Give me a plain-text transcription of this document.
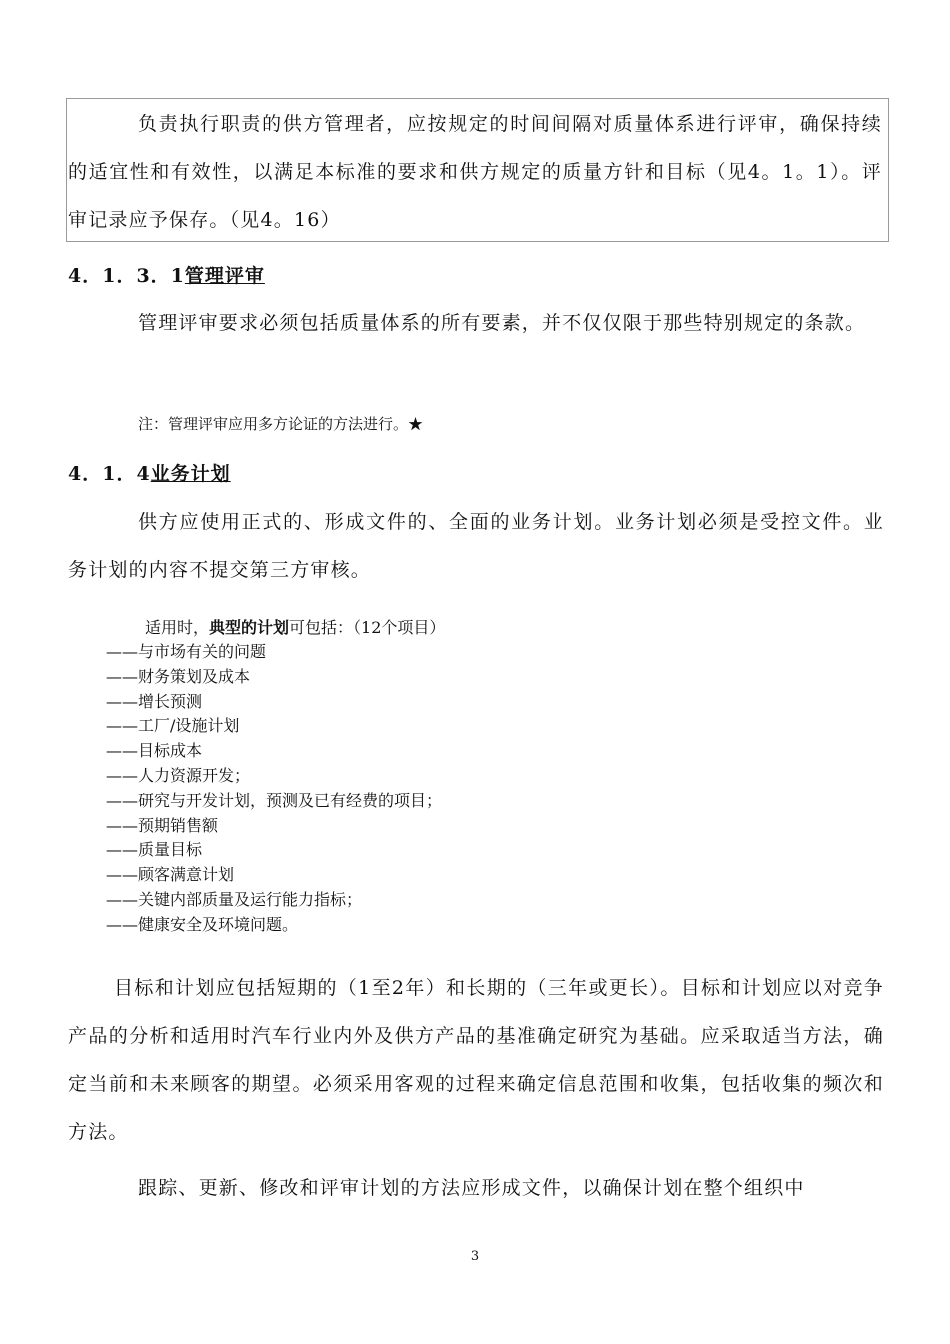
负责执行职责的供方管理者，应按规定的时间间隔对质量体系进行评审，确保持续的适宜性和有效性，以满足本标准的要求和供方规定的质量方针和目标（见4。1。1）。评审记录应予保存。（见4。16）

4．1．3．1管理评审

管理评审要求必须包括质量体系的所有要素，并不仅仅限于那些特别规定的条款。

注：管理评审应用多方论证的方法进行。★

4．1．4业务计划

供方应使用正式的、形成文件的、全面的业务计划。业务计划必须是受控文件。业务计划的内容不提交第三方审核。

适用时，典型的计划可包括：（12个项目）

——与市场有关的问题
——财务策划及成本
——增长预测
——工厂/设施计划
——目标成本
——人力资源开发；
——研究与开发计划，预测及已有经费的项目；
——预期销售额
——质量目标
——顾客满意计划
——关键内部质量及运行能力指标；
——健康安全及环境问题。

目标和计划应包括短期的（1至2年）和长期的（三年或更长）。目标和计划应以对竞争产品的分析和适用时汽车行业内外及供方产品的基准确定研究为基础。应采取适当方法，确定当前和未来顾客的期望。必须采用客观的过程来确定信息范围和收集，包括收集的频次和方法。

跟踪、更新、修改和评审计划的方法应形成文件，以确保计划在整个组织中

3
